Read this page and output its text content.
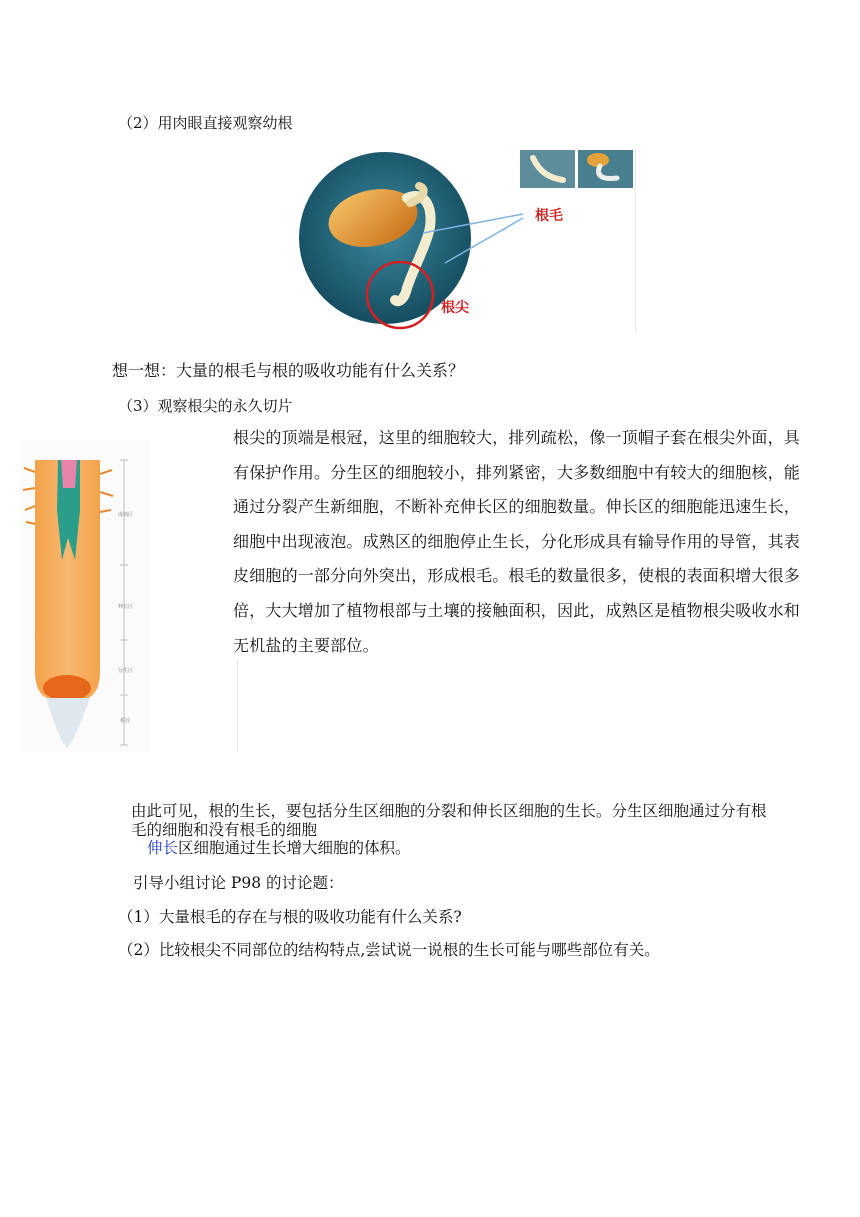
（2）用肉眼直接观察幼根
根毛
根尖
想一想：大量的根毛与根的吸收功能有什么关系？
（3）观察根尖的永久切片
成熟区
伸长区
分生区
根冠
根尖的顶端是根冠，这里的细胞较大，排列疏松，像一顶帽子套在根尖外面，具有保护作用。分生区的细胞较小，排列紧密，大多数细胞中有较大的细胞核，能通过分裂产生新细胞，不断补充伸长区的细胞数量。伸长区的细胞能迅速生长，细胞中出现液泡。成熟区的细胞停止生长，分化形成具有输导作用的导管，其表皮细胞的一部分向外突出，形成根毛。根毛的数量很多，使根的表面积增大很多倍，大大增加了植物根部与土壤的接触面积，因此，成熟区是植物根尖吸收水和无机盐的主要部位。
由此可见，根的生长，要包括分生区细胞的分裂和伸长区细胞的生长。分生区细胞通过分有根
毛的细胞和没有根毛的细胞
伸长区细胞通过生长增大细胞的体积。
引导小组讨论 P98 的讨论题：
（1）大量根毛的存在与根的吸收功能有什么关系?
（2）比较根尖不同部位的结构特点,尝试说一说根的生长可能与哪些部位有关。
